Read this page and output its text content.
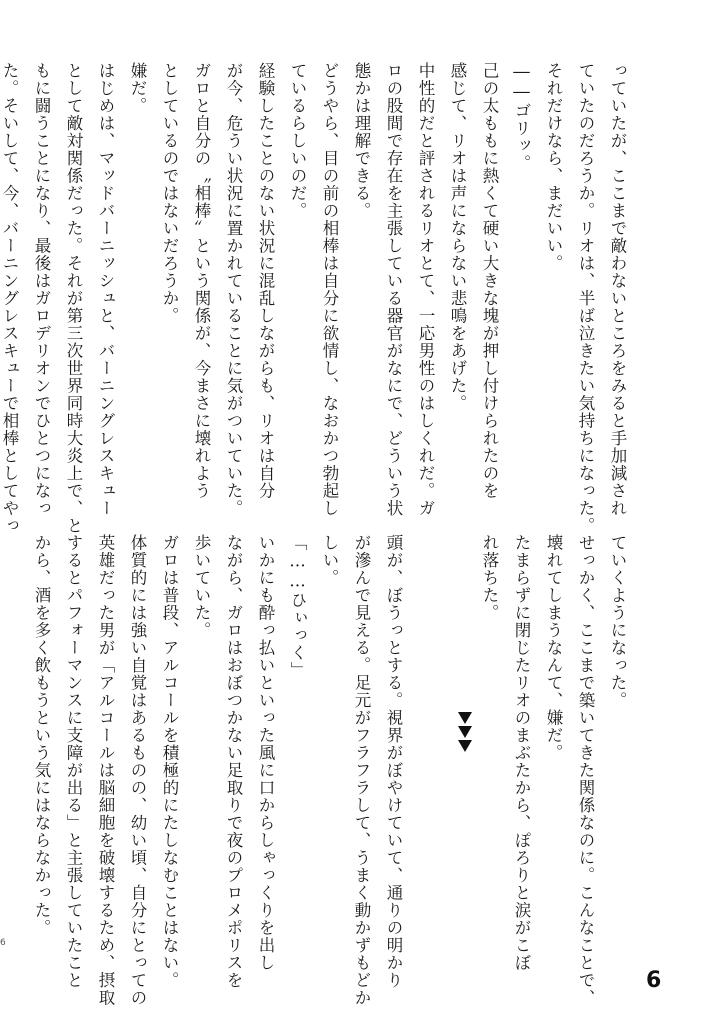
っていたが、ここまで敵わないところをみると手加減され
ていたのだろうか。リオは、半ば泣きたい気持ちになった。
それだけなら、まだいい。
――ゴリッ。
己の太ももに熱くて硬い大きな塊が押し付けられたのを
感じて、リオは声にならない悲鳴をあげた。
中性的だと評されるリオとて、一応男性のはしくれだ。ガ
ロの股間で存在を主張している器官がなにで、どういう状
態かは理解できる。
どうやら、目の前の相棒は自分に欲情し、なおかつ勃起し
ているらしいのだ。
経験したことのない状況に混乱しながらも、リオは自分
が今、危うい状況に置かれていることに気がついていた。
ガロと自分の〝相棒〟という関係が、今まさに壊れよう
としているのではないだろうか。
嫌だ。
はじめは、マッドバーニッシュと、バーニングレスキュー
として敵対関係だった。それが第三次世界同時大炎上で、と
もに闘うことになり、最後はガロデリオンでひとつになっ
た。そいして、今、バーニングレスキューで相棒としてやっ
ていくようになった。
せっかく、ここまで築いてきた関係なのに。こんなことで、
壊れてしまうなんて、嫌だ。
たまらずに閉じたリオのまぶたから、ぽろりと涙がこぼ
れ落ちた。

頭が、ぼうっとする。視界がぼやけていて、通りの明かり
が滲んで見える。足元がフラフラして、うまく動かずもどか
しい。
「……ひぃっく」
いかにも酔っ払いといった風に口からしゃっくりを出し
ながら、ガロはおぼつかない足取りで夜のプロメポリスを
歩いていた。
ガロは普段、アルコールを積極的にたしなむことはない。
体質的には強い自覚はあるものの、幼い頃、自分にとっての
英雄だった男が「アルコールは脳細胞を破壊するため、摂取
するとパフォーマンスに支障が出る」と主張していたこと
から、酒を多く飲もうという気にはならなかった。
6
6
